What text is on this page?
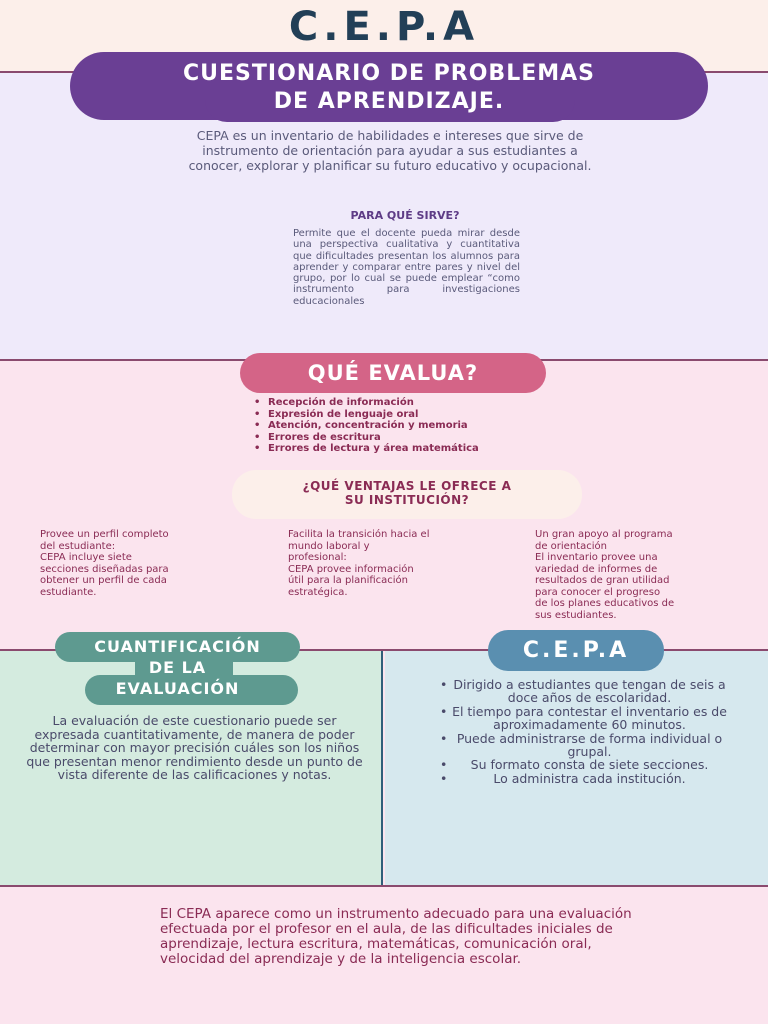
C.E.P.A
CUESTIONARIO DE PROBLEMAS
DE APRENDIZAJE.

CEPA es un inventario de habilidades e intereses que sirve de instrumento de orientación para ayudar a sus estudiantes a conocer, explorar y planificar su futuro educativo y ocupacional.

PARA QUÉ SIRVE?

Permite que el docente pueda mirar desde una perspectiva cualitativa y cuantitativa que dificultades presentan los alumnos para aprender y comparar entre pares y nivel del grupo, por lo cual se puede emplear “como instrumento para investigaciones educacionales

QUÉ EVALUA?
• Recepción de información
• Expresión de lenguaje oral
• Atención, concentración y memoria
• Errores de escritura
• Errores de lectura y área matemática
¿QUÉ VENTAJAS LE OFRECE A
SU INSTITUCIÓN?
Provee un perfil completo
del estudiante:
CEPA incluye siete
secciones diseñadas para
obtener un perfil de cada
estudiante.
Facilita la transición hacia el
mundo laboral y
profesional:
CEPA provee información
útil para la planificación
estratégica.
Un gran apoyo al programa
de orientación
El inventario provee una
variedad de informes de
resultados de gran utilidad
para conocer el progreso
de los planes educativos de
sus estudiantes.
CUANTIFICACIÓN
DE LA
EVALUACIÓN

La evaluación de este cuestionario puede ser expresada cuantitativamente, de manera de poder determinar con mayor precisión cuáles son los niños que presentan menor rendimiento desde un punto de vista diferente de las calificaciones y notas.

C.E.P.A
• Dirigido a estudiantes que tengan de seis a doce años de escolaridad.
• El tiempo para contestar el inventario es de aproximadamente 60 minutos.
• Puede administrarse de forma individual o grupal.
• Su formato consta de siete secciones.
• Lo administra cada institución.

El CEPA aparece como un instrumento adecuado para una evaluación efectuada por el profesor en el aula, de las dificultades iniciales de aprendizaje, lectura escritura, matemáticas, comunicación oral, velocidad del aprendizaje y de la inteligencia escolar.
